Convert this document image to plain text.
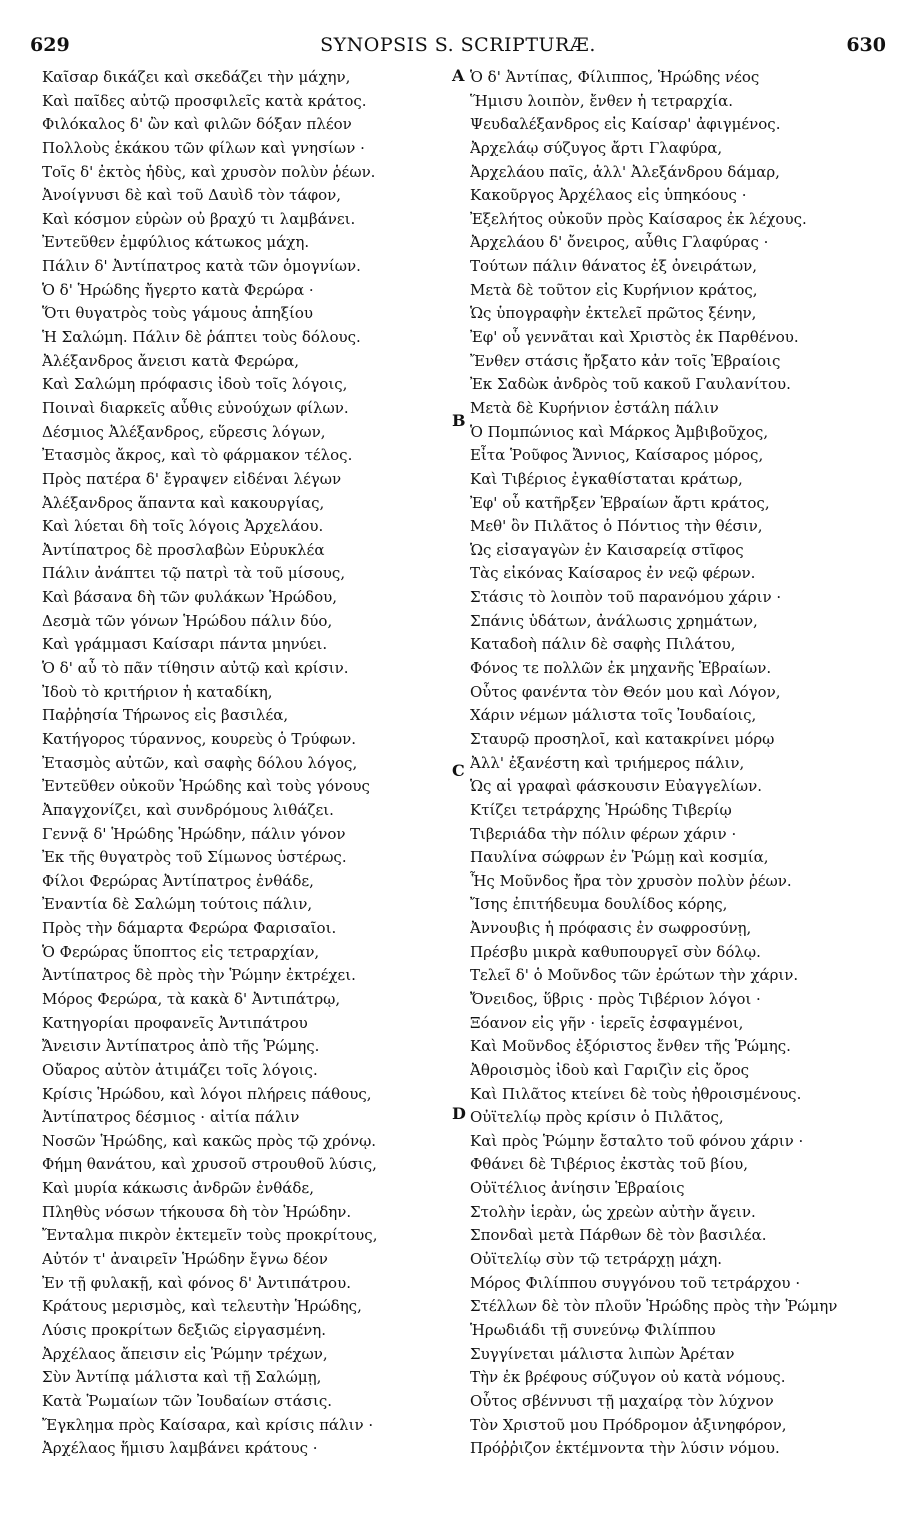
629	SYNOPSIS S. SCRIPTURÆ.	630
A
B
C
D
Καῖσαρ δικάζει καὶ σκεδάζει τὴν μάχην,
Καὶ παῖδες αὐτῷ προσφιλεῖς κατὰ κράτος.
Φιλόκαλος δ' ὢν καὶ φιλῶν δόξαν πλέον
Πολλοὺς ἑκάκου τῶν φίλων καὶ γνησίων ·
Τοῖς δ' ἐκτὸς ἡδὺς, καὶ χρυσὸν πολὺν ῥέων.
Ἀνοίγνυσι δὲ καὶ τοῦ Δαυὶδ τὸν τάφον,
Καὶ κόσμον εὑρὼν οὐ βραχύ τι λαμβάνει.
Ἐντεῦθεν ἐμφύλιος κάτωκος μάχη.
Πάλιν δ' Ἀντίπατρος κατὰ τῶν ὁμογνίων.
Ὁ δ' Ἡρώδης ἤγερτο κατὰ Φερώρα ·
Ὅτι θυγατρὸς τοὺς γάμους ἀπηξίου
Ἡ Σαλώμη. Πάλιν δὲ ῥάπτει τοὺς δόλους.
Ἀλέξανδρος ἄνεισι κατὰ Φερώρα,
Καὶ Σαλώμη πρόφασις ἰδοὺ τοῖς λόγοις,
Ποιναὶ διαρκεῖς αὖθις εὐνούχων φίλων.
Δέσμιος Ἀλέξανδρος, εὕρεσις λόγων,
Ἐτασμὸς ἄκρος, καὶ τὸ φάρμακον τέλος.
Πρὸς πατέρα δ' ἔγραψεν εἰδέναι λέγων
Ἀλέξανδρος ἅπαντα καὶ κακουργίας,
Καὶ λύεται δὴ τοῖς λόγοις Ἀρχελάου.
Ἀντίπατρος δὲ προσλαβὼν Εὐρυκλέα
Πάλιν ἀνάπτει τῷ πατρὶ τὰ τοῦ μίσους,
Καὶ βάσανα δὴ τῶν φυλάκων Ἡρώδου,
Δεσμὰ τῶν γόνων Ἡρώδου πάλιν δύο,
Καὶ γράμμασι Καίσαρι πάντα μηνύει.
Ὁ δ' αὖ τὸ πᾶν τίθησιν αὐτῷ καὶ κρίσιν.
Ἰδοὺ τὸ κριτήριον ἡ καταδίκη,
Παῤῥησία Τήρωνος εἰς βασιλέα,
Κατήγορος τύραννος, κουρεὺς ὁ Τρύφων.
Ἐτασμὸς αὐτῶν, καὶ σαφὴς δόλου λόγος,
Ἐντεῦθεν οὐκοῦν Ἡρώδης καὶ τοὺς γόνους
Ἀπαγχονίζει, καὶ συνδρόμους λιθάζει.
Γεννᾷ δ' Ἡρώδης Ἡρώδην, πάλιν γόνον
Ἐκ τῆς θυγατρὸς τοῦ Σίμωνος ὑστέρως.
Φίλοι Φερώρας Ἀντίπατρος ἐνθάδε,
Ἐναντία δὲ Σαλώμη τούτοις πάλιν,
Πρὸς τὴν δάμαρτα Φερώρα Φαρισαῖοι.
Ὁ Φερώρας ὕποπτος εἰς τετραρχίαν,
Ἀντίπατρος δὲ πρὸς τὴν Ῥώμην ἐκτρέχει.
Μόρος Φερώρα, τὰ κακὰ δ' Ἀντιπάτρῳ,
Κατηγορίαι προφανεῖς Ἀντιπάτρου
Ἄνεισιν Ἀντίπατρος ἀπὸ τῆς Ῥώμης.
Οὔαρος αὐτὸν ἀτιμάζει τοῖς λόγοις.
Κρίσις Ἡρώδου, καὶ λόγοι πλήρεις πάθους,
Ἀντίπατρος δέσμιος · αἰτία πάλιν
Νοσῶν Ἡρώδης, καὶ κακῶς πρὸς τῷ χρόνῳ.
Φήμη θανάτου, καὶ χρυσοῦ στρουθοῦ λύσις,
Καὶ μυρία κάκωσις ἀνδρῶν ἐνθάδε,
Πληθὺς νόσων τήκουσα δὴ τὸν Ἡρώδην.
Ἔνταλμα πικρὸν ἐκτεμεῖν τοὺς προκρίτους,
Αὐτόν τ' ἀναιρεῖν Ἡρώδην ἔγνω δέον
Ἐν τῇ φυλακῇ, καὶ φόνος δ' Ἀντιπάτρου.
Κράτους μερισμὸς, καὶ τελευτὴν Ἡρώδης,
Λύσις προκρίτων δεξιῶς εἰργασμένη.
Ἀρχέλαος ἄπεισιν εἰς Ῥώμην τρέχων,
Σὺν Ἀντίπᾳ μάλιστα καὶ τῇ Σαλώμῃ,
Κατὰ Ῥωμαίων τῶν Ἰουδαίων στάσις.
Ἔγκλημα πρὸς Καίσαρα, καὶ κρίσις πάλιν ·
Ἀρχέλαος ἥμισυ λαμβάνει κράτους ·
Ὁ δ' Ἀντίπας, Φίλιππος, Ἡρώδης νέος
Ἥμισυ λοιπὸν, ἔνθεν ἡ τετραρχία.
Ψευδαλέξανδρος εἰς Καίσαρ' ἀφιγμένος.
Ἀρχελάῳ σύζυγος ἄρτι Γλαφύρα,
Ἀρχελάου παῖς, ἀλλ' Ἀλεξάνδρου δάμαρ,
Κακοῦργος Ἀρχέλαος εἰς ὑπηκόους ·
Ἐξελήτος οὐκοῦν πρὸς Καίσαρος ἐκ λέχους.
Ἀρχελάου δ' ὄνειρος, αὖθις Γλαφύρας ·
Τούτων πάλιν θάνατος ἐξ ὀνειράτων,
Μετὰ δὲ τοῦτον εἰς Κυρήνιον κράτος,
Ὡς ὑπογραφὴν ἐκτελεῖ πρῶτος ξένην,
Ἐφ' οὗ γεννᾶται καὶ Χριστὸς ἐκ Παρθένου.
Ἔνθεν στάσις ἤρξατο κἀν τοῖς Ἑβραίοις
Ἐκ Σαδὼκ ἀνδρὸς τοῦ κακοῦ Γαυλανίτου.
Μετὰ δὲ Κυρήνιον ἐστάλη πάλιν
Ὁ Πομπώνιος καὶ Μάρκος Ἀμβιβοῦχος,
Εἶτα Ῥοῦφος Ἄννιος, Καίσαρος μόρος,
Καὶ Τιβέριος ἐγκαθίσταται κράτωρ,
Ἐφ' οὗ κατῆρξεν Ἑβραίων ἄρτι κράτος,
Μεθ' ὃν Πιλᾶτος ὁ Πόντιος τὴν θέσιν,
Ὡς εἰσαγαγὼν ἐν Καισαρείᾳ στῖφος
Τὰς εἰκόνας Καίσαρος ἐν νεῷ φέρων.
Στάσις τὸ λοιπὸν τοῦ παρανόμου χάριν ·
Σπάνις ὑδάτων, ἀνάλωσις χρημάτων,
Καταδοὴ πάλιν δὲ σαφὴς Πιλάτου,
Φόνος τε πολλῶν ἐκ μηχανῆς Ἑβραίων.
Οὗτος φανέντα τὸν Θεόν μου καὶ Λόγον,
Χάριν νέμων μάλιστα τοῖς Ἰουδαίοις,
Σταυρῷ προσηλοῖ, καὶ κατακρίνει μόρῳ
Ἀλλ' ἐξανέστη καὶ τριήμερος πάλιν,
Ὡς αἱ γραφαὶ φάσκουσιν Εὐαγγελίων.
Κτίζει τετράρχης Ἡρώδης Τιβερίῳ
Τιβεριάδα τὴν πόλιν φέρων χάριν ·
Παυλίνα σώφρων ἐν Ῥώμῃ καὶ κοσμία,
Ἧς Μοῦνδος ἤρα τὸν χρυσὸν πολὺν ῥέων.
Ἴσης ἐπιτήδευμα δουλίδος κόρης,
Ἀννουβις ἡ πρόφασις ἐν σωφροσύνῃ,
Πρέσβυ μικρὰ καθυπουργεῖ σὺν δόλῳ.
Τελεῖ δ' ὁ Μοῦνδος τῶν ἐρώτων τὴν χάριν.
Ὄνειδος, ὕβρις · πρὸς Τιβέριον λόγοι ·
Ξόανον εἰς γῆν · ἱερεῖς ἐσφαγμένοι,
Καὶ Μοῦνδος ἐξόριστος ἔνθεν τῆς Ῥώμης.
Ἀθροισμὸς ἰδοὺ καὶ Γαριζὶν εἰς ὄρος
Καὶ Πιλᾶτος κτείνει δὲ τοὺς ἠθροισμένους.
Οὐϊτελίῳ πρὸς κρίσιν ὁ Πιλᾶτος,
Καὶ πρὸς Ῥώμην ἔσταλτο τοῦ φόνου χάριν ·
Φθάνει δὲ Τιβέριος ἐκστὰς τοῦ βίου,
Οὐϊτέλιος ἀνίησιν Ἑβραίοις
Στολὴν ἱερὰν, ὡς χρεὼν αὐτὴν ἄγειν.
Σπονδαὶ μετὰ Πάρθων δὲ τὸν βασιλέα.
Οὐϊτελίῳ σὺν τῷ τετράρχῃ μάχη.
Μόρος Φιλίππου συγγόνου τοῦ τετράρχου ·
Στέλλων δὲ τὸν πλοῦν Ἡρώδης πρὸς τὴν Ῥώμην
Ἡρωδιάδι τῇ συνεύνῳ Φιλίππου
Συγγίνεται μάλιστα λιπὼν Ἀρέταν
Τὴν ἐκ βρέφους σύζυγον οὐ κατὰ νόμους.
Οὗτος σβέννυσι τῇ μαχαίρᾳ τὸν λύχνον
Τὸν Χριστοῦ μου Πρόδρομον ἀξινηφόρον,
Πρόῤῥιζον ἐκτέμνοντα τὴν λύσιν νόμου.
